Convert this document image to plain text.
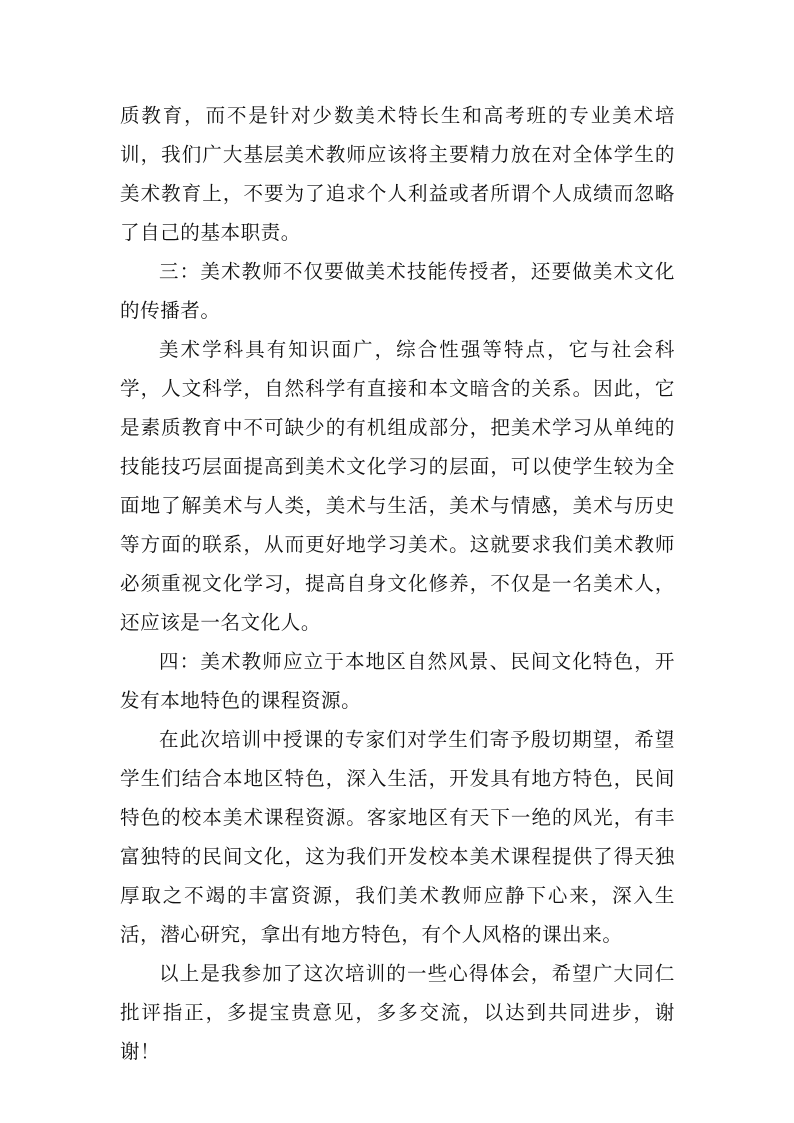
质教育，而不是针对少数美术特长生和高考班的专业美术培训，我们广大基层美术教师应该将主要精力放在对全体学生的美术教育上，不要为了追求个人利益或者所谓个人成绩而忽略了自己的基本职责。

三：美术教师不仅要做美术技能传授者，还要做美术文化的传播者。

美术学科具有知识面广，综合性强等特点，它与社会科学，人文科学，自然科学有直接和本文暗含的关系。因此，它是素质教育中不可缺少的有机组成部分，把美术学习从单纯的技能技巧层面提高到美术文化学习的层面，可以使学生较为全面地了解美术与人类，美术与生活，美术与情感，美术与历史等方面的联系，从而更好地学习美术。这就要求我们美术教师必须重视文化学习，提高自身文化修养，不仅是一名美术人，还应该是一名文化人。

四：美术教师应立于本地区自然风景、民间文化特色，开发有本地特色的课程资源。

在此次培训中授课的专家们对学生们寄予殷切期望，希望学生们结合本地区特色，深入生活，开发具有地方特色，民间特色的校本美术课程资源。客家地区有天下一绝的风光，有丰富独特的民间文化，这为我们开发校本美术课程提供了得天独厚取之不竭的丰富资源，我们美术教师应静下心来，深入生活，潜心研究，拿出有地方特色，有个人风格的课出来。

以上是我参加了这次培训的一些心得体会，希望广大同仁批评指正，多提宝贵意见，多多交流，以达到共同进步，谢谢！
